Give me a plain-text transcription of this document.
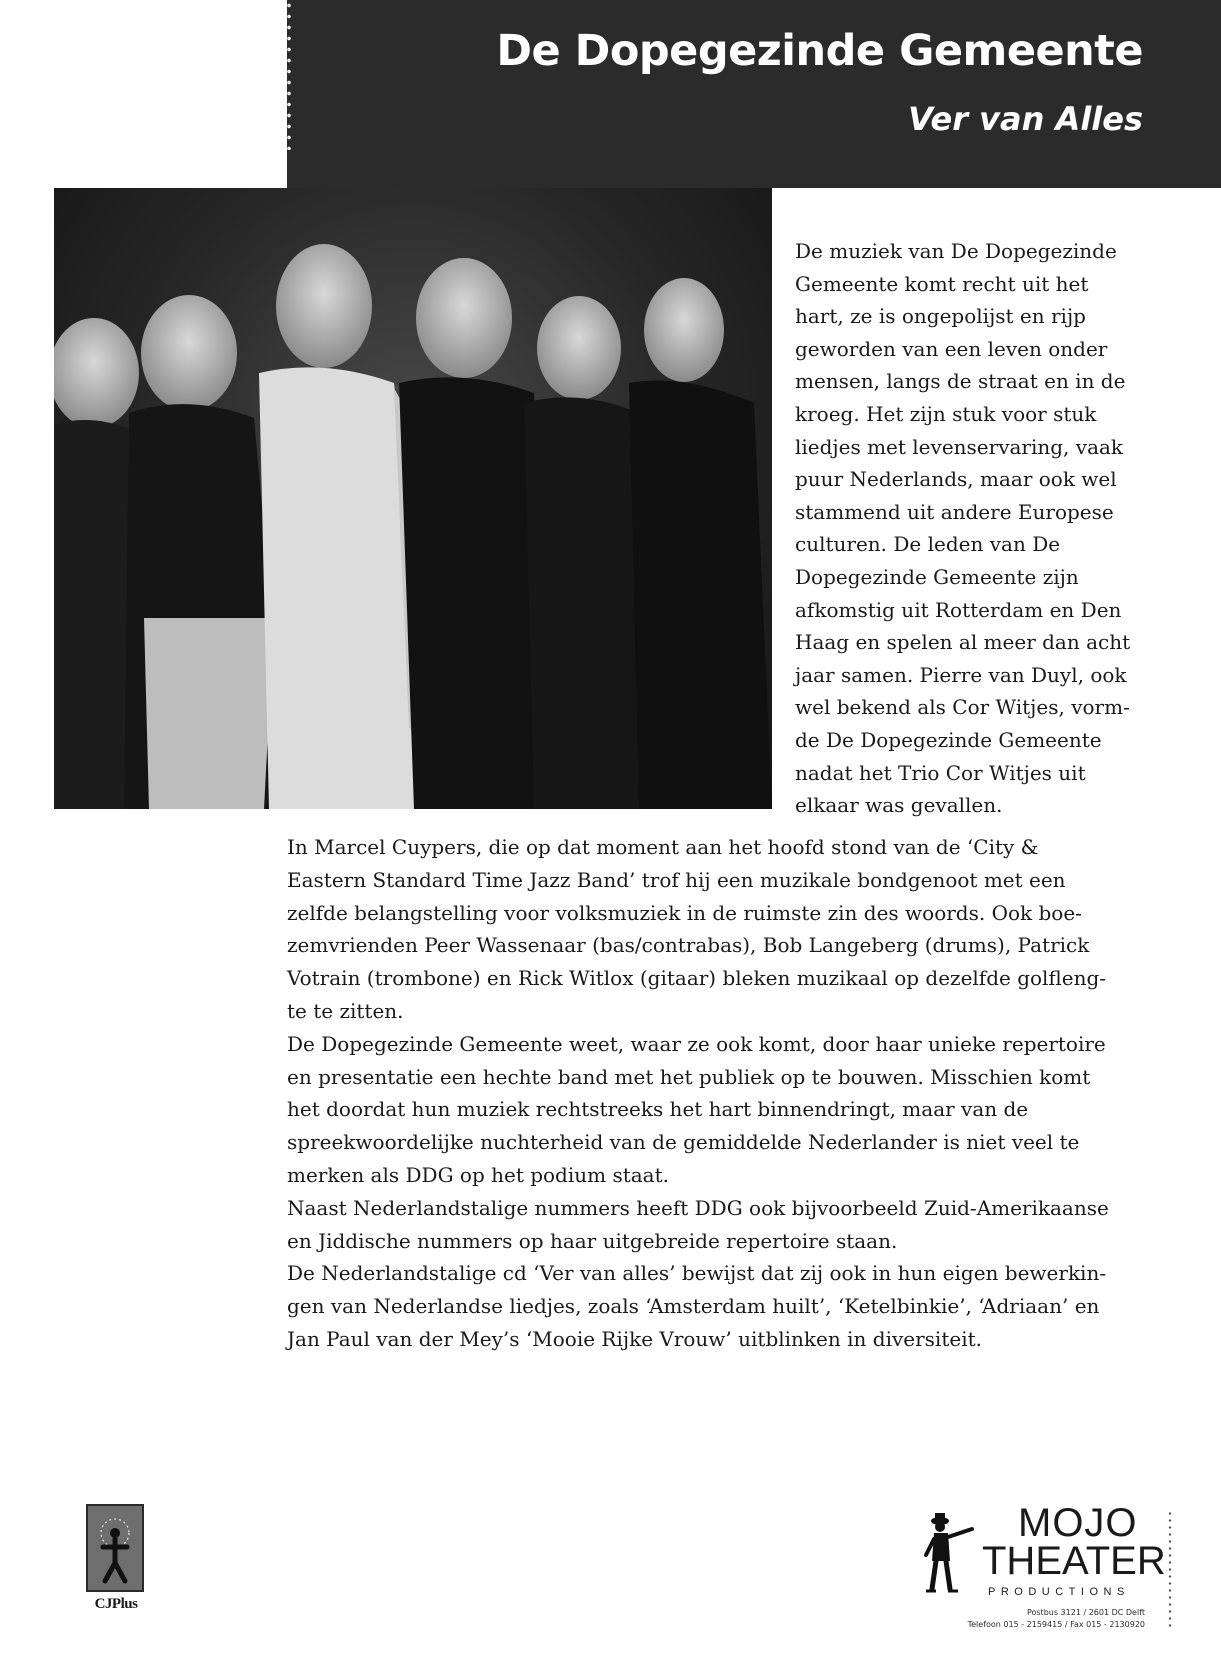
De Dopegezinde Gemeente
Ver van Alles

De muziek van De Dopegezinde

Gemeente komt recht uit het

hart, ze is ongepolijst en rijp

geworden van een leven onder

mensen, langs de straat en in de

kroeg. Het zijn stuk voor stuk

liedjes met levenservaring, vaak

puur Nederlands, maar ook wel

stammend uit andere Europese

culturen. De leden van De

Dopegezinde Gemeente zijn

afkomstig uit Rotterdam en Den

Haag en spelen al meer dan acht

jaar samen. Pierre van Duyl, ook

wel bekend als Cor Witjes, vorm-

de De Dopegezinde Gemeente

nadat het Trio Cor Witjes uit

elkaar was gevallen.

In Marcel Cuypers, die op dat moment aan het hoofd stond van de ‘City &

Eastern Standard Time Jazz Band’ trof hij een muzikale bondgenoot met een

zelfde belangstelling voor volksmuziek in de ruimste zin des woords. Ook boe-

zemvrienden Peer Wassenaar (bas/contrabas), Bob Langeberg (drums), Patrick

Votrain (trombone) en Rick Witlox (gitaar) bleken muzikaal op dezelfde golfleng-

te te zitten.

De Dopegezinde Gemeente weet, waar ze ook komt, door haar unieke repertoire

en presentatie een hechte band met het publiek op te bouwen. Misschien komt

het doordat hun muziek rechtstreeks het hart binnendringt, maar van de

spreekwoordelijke nuchterheid van de gemiddelde Nederlander is niet veel te

merken als DDG op het podium staat.

Naast Nederlandstalige nummers heeft DDG ook bijvoorbeeld Zuid-Amerikaanse

en Jiddische nummers op haar uitgebreide repertoire staan.

De Nederlandstalige cd ‘Ver van alles’ bewijst dat zij ook in hun eigen bewerkin-

gen van Nederlandse liedjes, zoals ‘Amsterdam huilt’, ‘Ketelbinkie’, ‘Adriaan’ en

Jan Paul van der Mey’s ‘Mooie Rijke Vrouw’ uitblinken in diversiteit.

CJPlus
MOJO
THEATER
PRODUCTIONS
Postbus 3121 / 2601 DC Delft
Telefoon 015 - 2159415 / Fax 015 - 2130920
